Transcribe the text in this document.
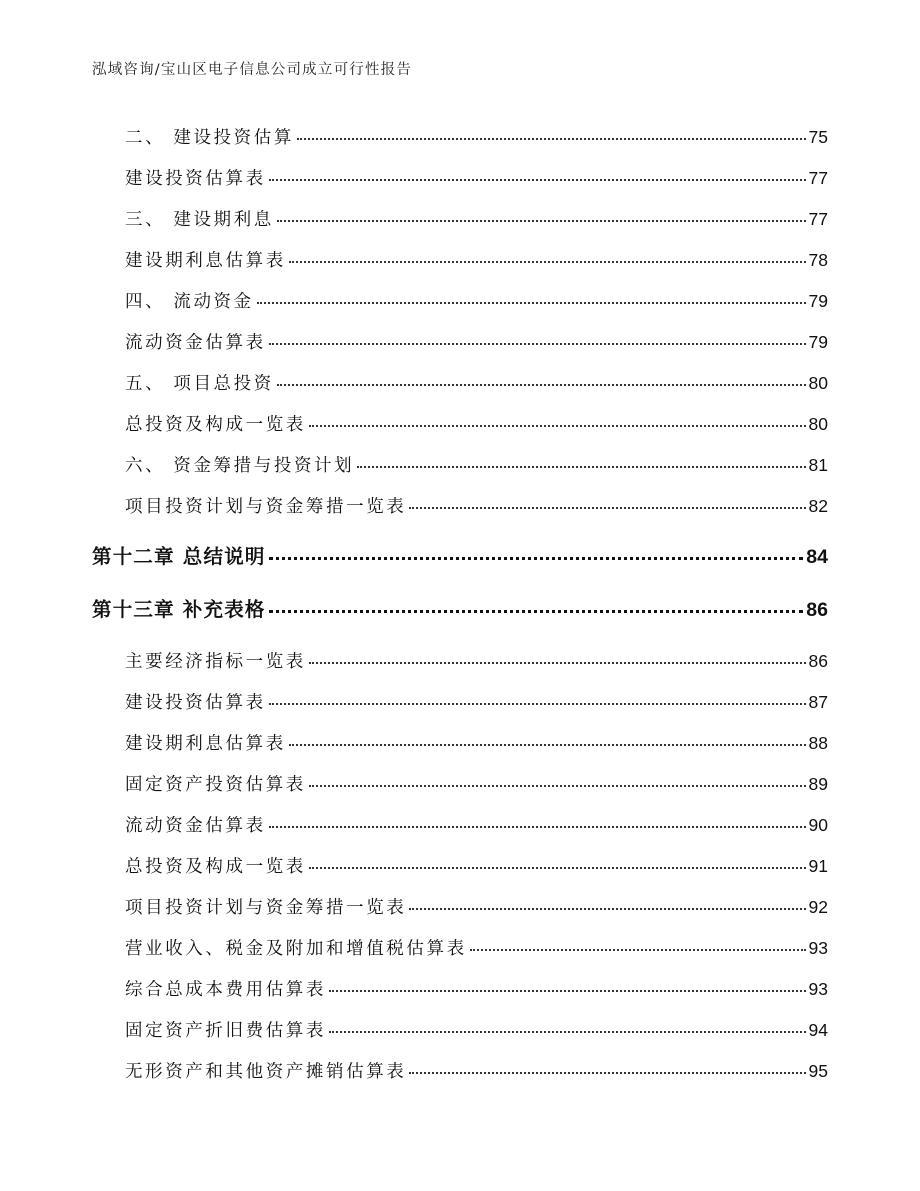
泓域咨询/宝山区电子信息公司成立可行性报告
二、 建设投资估算	75
建设投资估算表	77
三、 建设期利息	77
建设期利息估算表	78
四、 流动资金	79
流动资金估算表	79
五、 项目总投资	80
总投资及构成一览表	80
六、 资金筹措与投资计划	81
项目投资计划与资金筹措一览表	82
第十二章 总结说明	84
第十三章 补充表格	86
主要经济指标一览表	86
建设投资估算表	87
建设期利息估算表	88
固定资产投资估算表	89
流动资金估算表	90
总投资及构成一览表	91
项目投资计划与资金筹措一览表	92
营业收入、税金及附加和增值税估算表	93
综合总成本费用估算表	93
固定资产折旧费估算表	94
无形资产和其他资产摊销估算表	95
